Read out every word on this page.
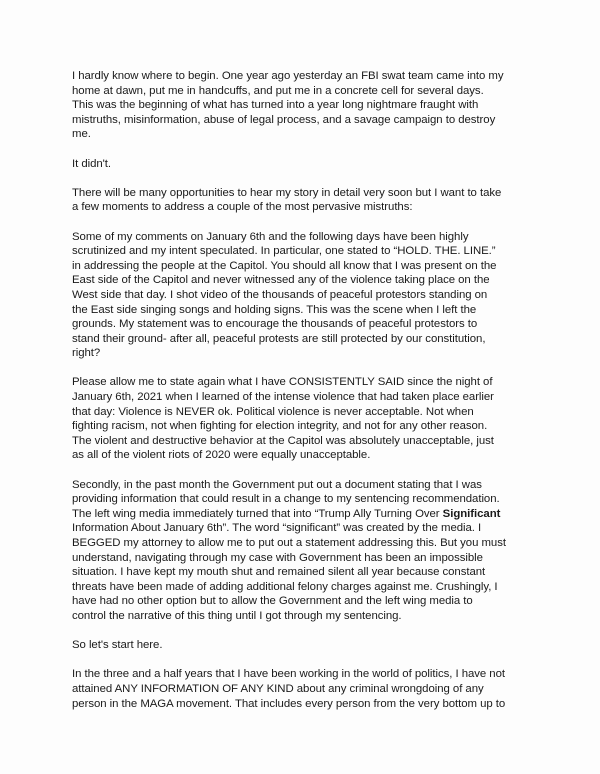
I hardly know where to begin. One year ago yesterday an FBI swat team came into my
home at dawn, put me in handcuffs, and put me in a concrete cell for several days.
This was the beginning of what has turned into a year long nightmare fraught with
mistruths, misinformation, abuse of legal process, and a savage campaign to destroy
me.

It didn't.

There will be many opportunities to hear my story in detail very soon but I want to take
a few moments to address a couple of the most pervasive mistruths:

Some of my comments on January 6th and the following days have been highly
scrutinized and my intent speculated. In particular, one stated to “HOLD. THE. LINE.”
in addressing the people at the Capitol. You should all know that I was present on the
East side of the Capitol and never witnessed any of the violence taking place on the
West side that day. I shot video of the thousands of peaceful protestors standing on
the East side singing songs and holding signs. This was the scene when I left the
grounds. My statement was to encourage the thousands of peaceful protestors to
stand their ground- after all, peaceful protests are still protected by our constitution,
right?

Please allow me to state again what I have CONSISTENTLY SAID since the night of
January 6th, 2021 when I learned of the intense violence that had taken place earlier
that day: Violence is NEVER ok. Political violence is never acceptable. Not when
fighting racism, not when fighting for election integrity, and not for any other reason.
The violent and destructive behavior at the Capitol was absolutely unacceptable, just
as all of the violent riots of 2020 were equally unacceptable.

Secondly, in the past month the Government put out a document stating that I was
providing information that could result in a change to my sentencing recommendation.
The left wing media immediately turned that into “Trump Ally Turning Over Significant
Information About January 6th”. The word “significant” was created by the media. I
BEGGED my attorney to allow me to put out a statement addressing this. But you must
understand, navigating through my case with Government has been an impossible
situation. I have kept my mouth shut and remained silent all year because constant
threats have been made of adding additional felony charges against me. Crushingly, I
have had no other option but to allow the Government and the left wing media to
control the narrative of this thing until I got through my sentencing.

So let's start here.

In the three and a half years that I have been working in the world of politics, I have not
attained ANY INFORMATION OF ANY KIND about any criminal wrongdoing of any
person in the MAGA movement. That includes every person from the very bottom up to
